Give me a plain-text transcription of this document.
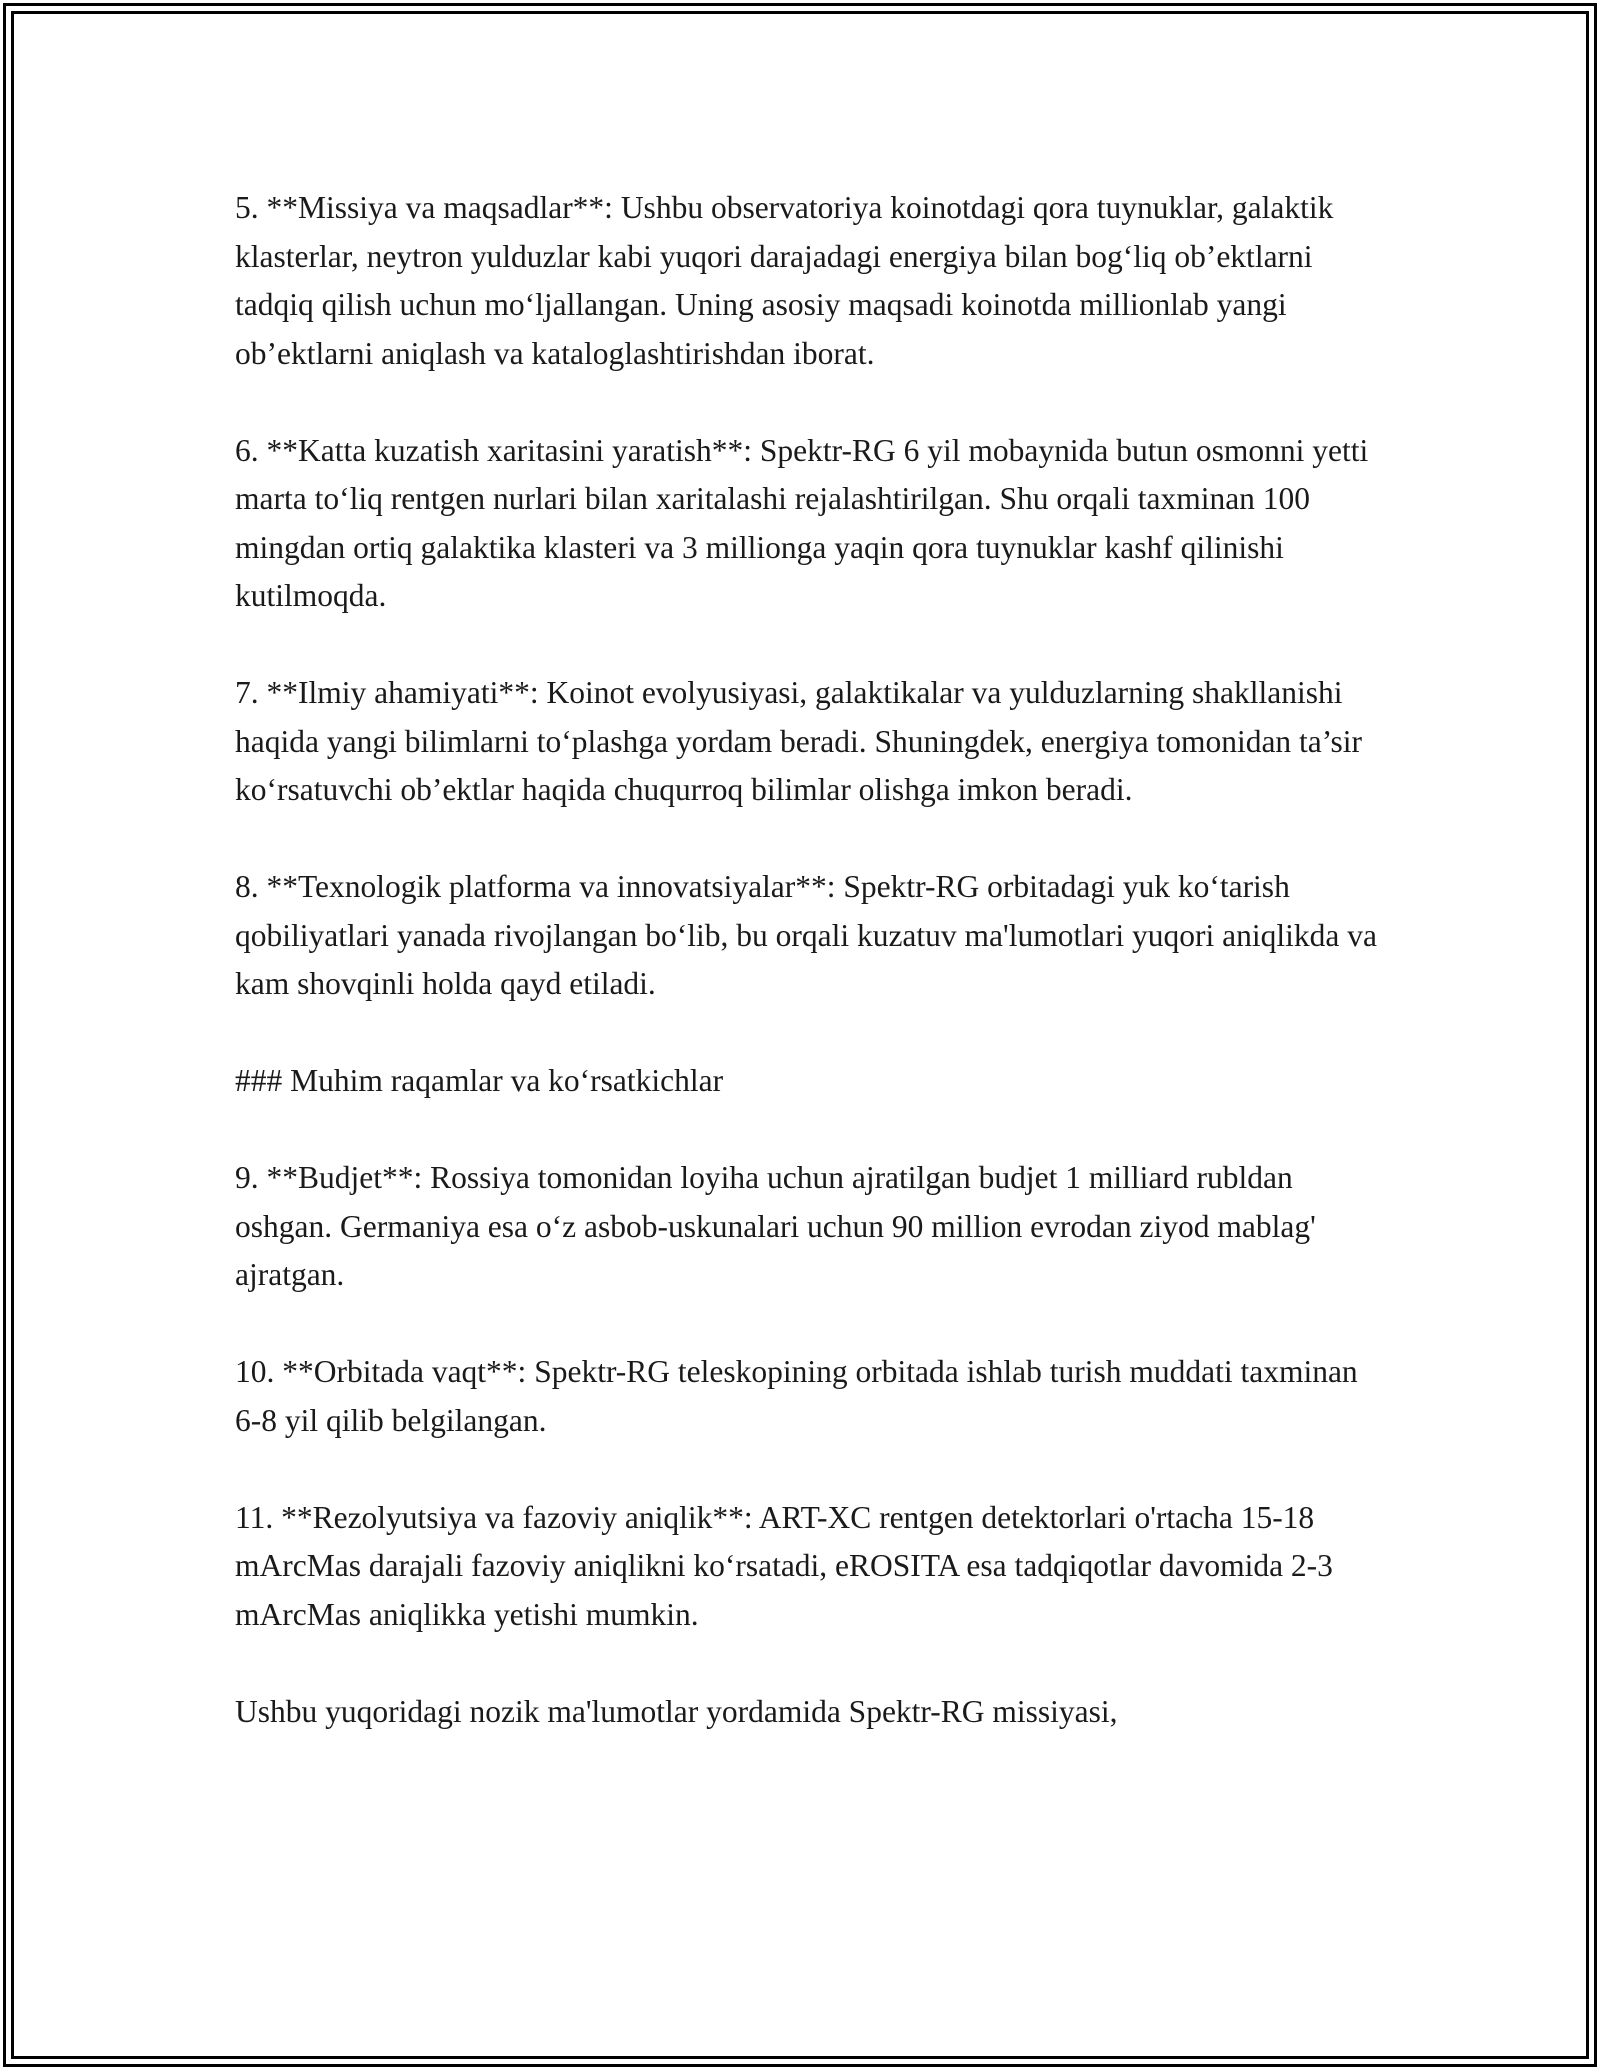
5. **Missiya va maqsadlar**: Ushbu observatoriya koinotdagi qora tuynuklar, galaktik klasterlar, neytron yulduzlar kabi yuqori darajadagi energiya bilan bog‘liq ob’ektlarni tadqiq qilish uchun mo‘ljallangan. Uning asosiy maqsadi koinotda millionlab yangi ob’ektlarni aniqlash va kataloglashtirishdan iborat.

6. **Katta kuzatish xaritasini yaratish**: Spektr-RG 6 yil mobaynida butun osmonni yetti marta to‘liq rentgen nurlari bilan xaritalashi rejalashtirilgan. Shu orqali taxminan 100 mingdan ortiq galaktika klasteri va 3 millionga yaqin qora tuynuklar kashf qilinishi kutilmoqda.

7. **Ilmiy ahamiyati**: Koinot evolyusiyasi, galaktikalar va yulduzlarning shakllanishi haqida yangi bilimlarni to‘plashga yordam beradi. Shuningdek, energiya tomonidan ta’sir ko‘rsatuvchi ob’ektlar haqida chuqurroq bilimlar olishga imkon beradi.

8. **Texnologik platforma va innovatsiyalar**: Spektr-RG orbitadagi yuk ko‘tarish qobiliyatlari yanada rivojlangan bo‘lib, bu orqali kuzatuv ma'lumotlari yuqori aniqlikda va kam shovqinli holda qayd etiladi.

### Muhim raqamlar va ko‘rsatkichlar

9. **Budjet**: Rossiya tomonidan loyiha uchun ajratilgan budjet 1 milliard rubldan oshgan. Germaniya esa o‘z asbob-uskunalari uchun 90 million evrodan ziyod mablag' ajratgan.

10. **Orbitada vaqt**: Spektr-RG teleskopining orbitada ishlab turish muddati taxminan 6-8 yil qilib belgilangan.

11. **Rezolyutsiya va fazoviy aniqlik**: ART-XC rentgen detektorlari o'rtacha 15-18 mArcMas darajali fazoviy aniqlikni ko‘rsatadi, eROSITA esa tadqiqotlar davomida 2-3 mArcMas aniqlikka yetishi mumkin.

Ushbu yuqoridagi nozik ma'lumotlar yordamida Spektr-RG missiyasi,
